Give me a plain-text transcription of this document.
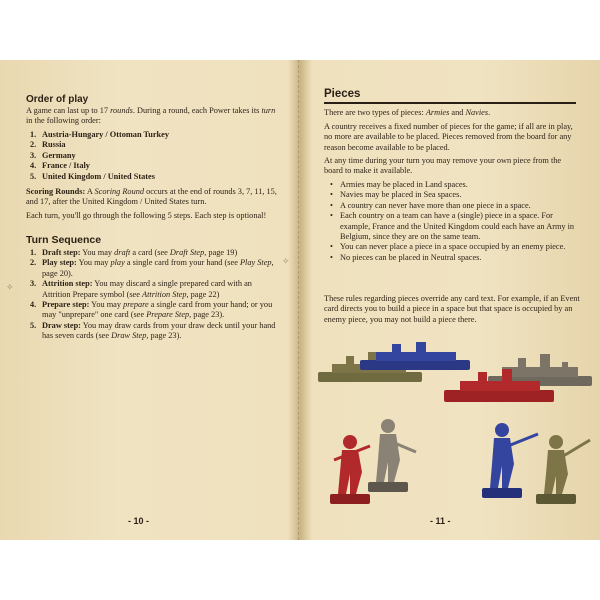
✧
✧
Order of play

A game can last up to 17 rounds. During a round, each Power takes its turn in the following order:

1. Austria-Hungary / Ottoman Turkey
2. Russia
3. Germany
4. France / Italy
5. United Kingdom / United States

Scoring Rounds: A Scoring Round occurs at the end of rounds 3, 7, 11, 15, and 17, after the United Kingdom / United States turn.

Each turn, you'll go through the following 5 steps. Each step is optional!

Turn Sequence
1. Draft step: You may draft a card (see Draft Step, page 19)
2. Play step: You may play a single card from your hand (see Play Step, page 20).
3. Attrition step: You may discard a single prepared card with an Attrition Prepare symbol (see Attrition Step, page 22)
4. Prepare step: You may prepare a single card from your hand; or you may "unprepare" one card (see Prepare Step, page 23).
5. Draw step: You may draw cards from your draw deck until your hand has seven cards (see Draw Step, page 23).
- 10 -
Pieces

There are two types of pieces: Armies and Navies.

A country receives a fixed number of pieces for the game; if all are in play, no more are available to be placed. Pieces removed from the board for any reason become available to be placed.

At any time during your turn you may remove your own piece from the board to make it available.

• Armies may be placed in Land spaces.
• Navies may be placed in Sea spaces.
• A country can never have more than one piece in a space.
• Each country on a team can have a (single) piece in a space. For example, France and the United Kingdom could each have an Army in Belgium, since they are on the same team.
• You can never place a piece in a space occupied by an enemy piece.
• No pieces can be placed in Neutral spaces.

These rules regarding pieces override any card text. For example, if an Event card directs you to build a piece in a space but that space is occupied by an enemy piece, you may not build a piece there.

- 11 -
